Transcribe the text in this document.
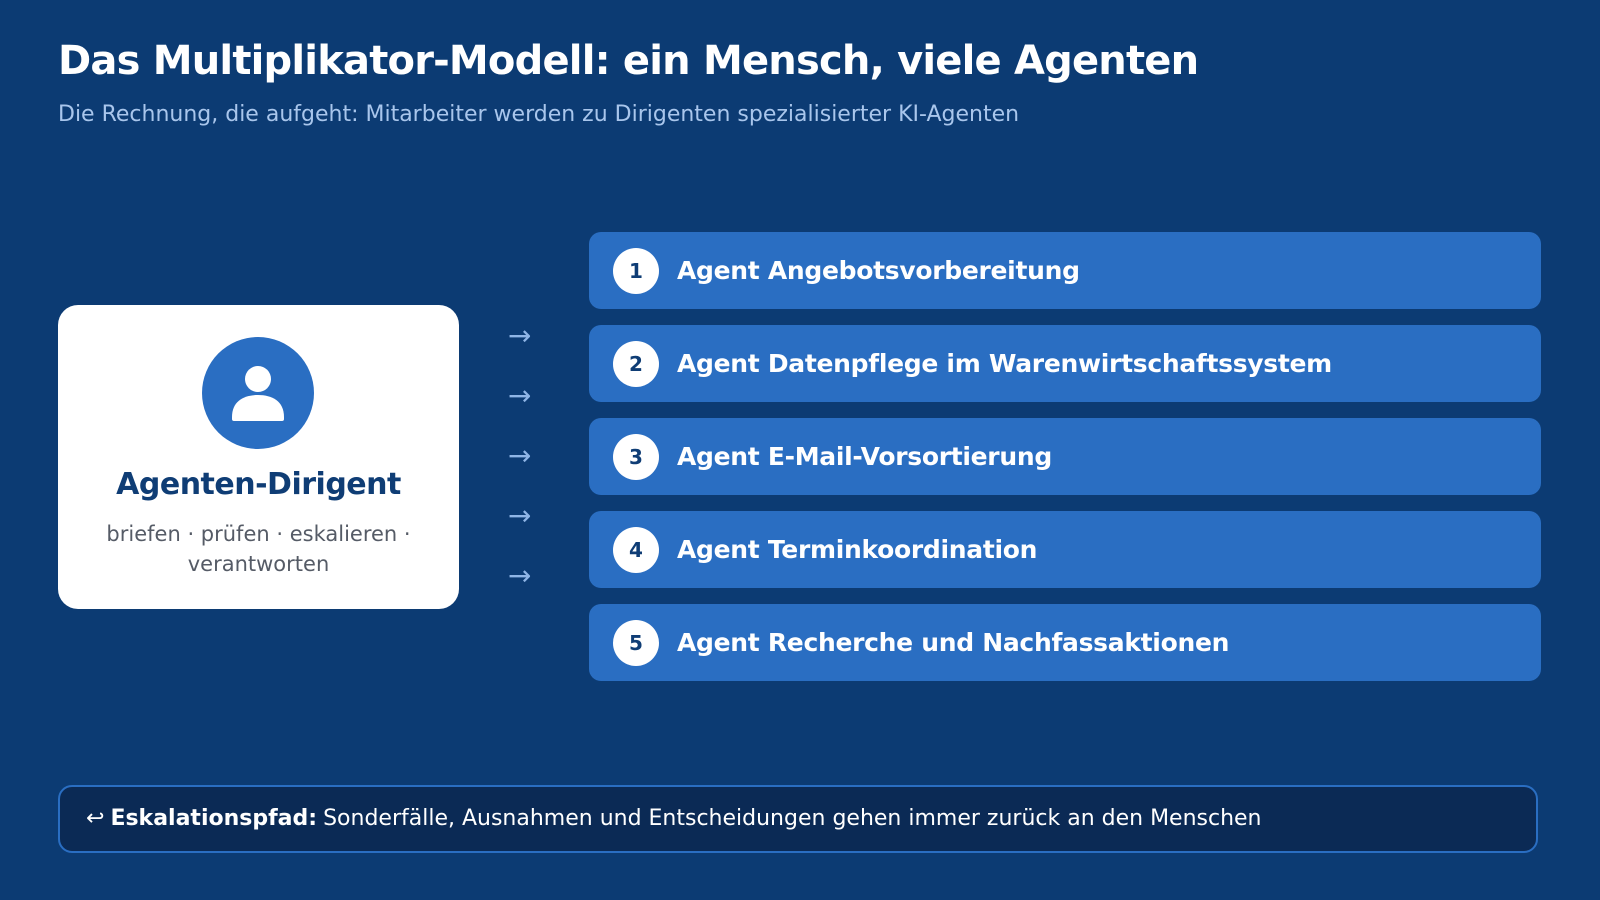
Das Multiplikator-Modell: ein Mensch, viele Agenten
Die Rechnung, die aufgeht: Mitarbeiter werden zu Dirigenten spezialisierter KI-Agenten
Agenten-Dirigent
briefen · prüfen · eskalieren · verantworten
→
→
→
→
→
1	Agent Angebotsvorbereitung
2	Agent Datenpflege im Warenwirtschaftssystem
3	Agent E-Mail-Vorsortierung
4	Agent Terminkoordination
5	Agent Recherche und Nachfassaktionen
↩ Eskalationspfad: Sonderfälle, Ausnahmen und Entscheidungen gehen immer zurück an den Menschen
